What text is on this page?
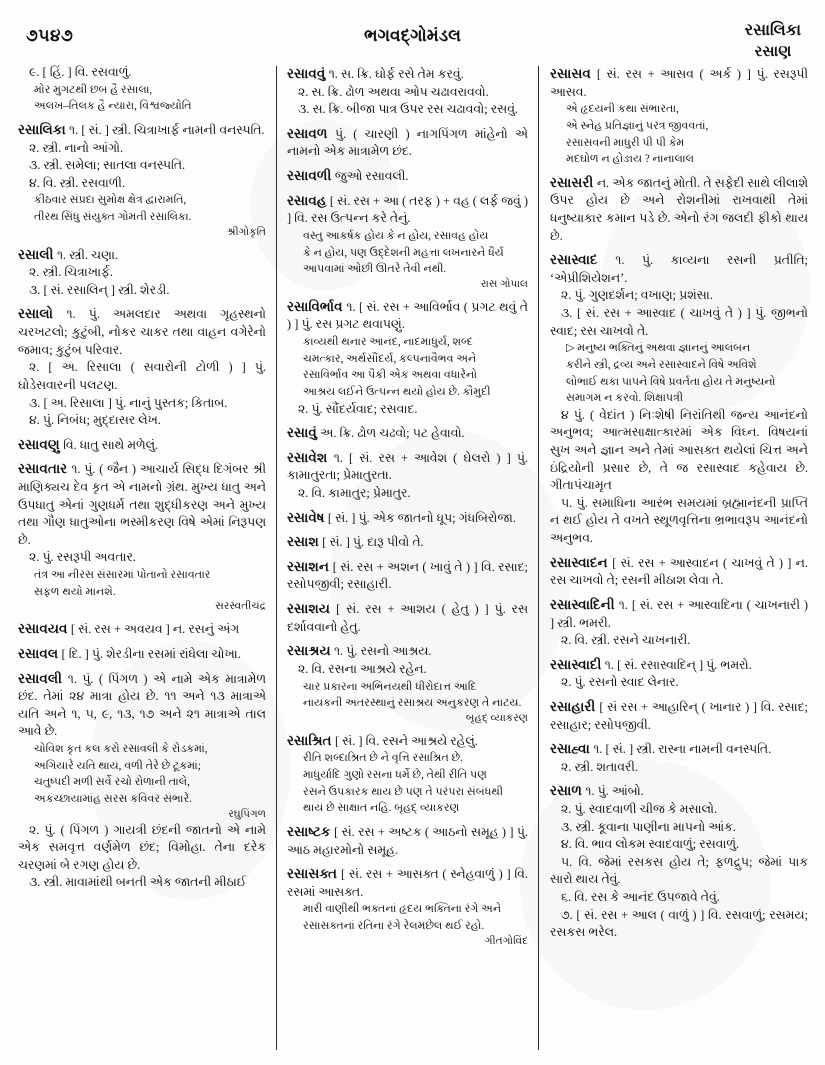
૭૫૪૭	ભગવદ્ગોમંડલ	રસાલિકા
રસાણ

૯. [ હિં. ] વિ. રસવાળું.
મોર મુગટથી છબ હૈ રસાલા,
અલખ–તિલક હૈ ન્યારા, વિશ્વજ્યોતિ

રસાલિકા ૧. [ સં. ] સ્ત્રી. ચિત્રાખાર્ફ નામની વનસ્પતિ.
૨. સ્ત્રી. નાનો આંગો.
૩. સ્ત્રી. સમેલા; સાતલા વનસ્પતિ.
૪. વિ. સ્ત્રી. રસવાળી.
કીઠવાર સંપ્રદા સુમોક્ષ ક્ષેત્ર દ્વારામતિ,
તીરથ સિંધુ સંયુક્ત ગોમતી રસાલિકા.
શ્રીગોકૃતિ

રસાલી ૧. સ્ત્રી. ચણા.
૨. સ્ત્રી. ચિત્રાખાર્ફ.
૩. [ સં. રસાલિન્ ] સ્ત્રી. શેરડી.

રસાલો ૧. પું. અમલદાર અથવા ગૃહસ્થનો ચરખટલો; કુટુંબી, નોકર ચાકર તથા વાહન વગેરેનો જમાવ; કુટુંબ પરિવાર.
૨. [ અ. રિસાલા ( સવારોની ટોળી ) ] પું. ઘોડેસવારની પલટણ.
૩. [ અ. રિસાલા ] પું. નાનું પુસ્તક; કિતાબ.
૪. પું. નિબંધ; મુદ્દાસર લેખ.

રસાવણુ વિ. ધાતુ સાથે મળેલું.

રસાવતાર ૧. પું. ( જૈન ) આચાર્ય સિદ્ધ દિગંબર શ્રી માણિક્યચ દેવ કૃત એ નામનો ગ્રંથ. મુખ્ય ધાતુ અને ઉપધાતુ એનાં ગુણધર્મ તથા શુદ્ધીકરણ અને મુખ્ય તથા ગૌણ ધાતુઓના ભસ્મીકરણ વિષે એમાં નિરૂપણ છે.
૨. પું. રસરૂપી અવતાર.
તંત્ર આ નીરસ સંસારમાં પોતાનો રસાવતાર
સફળ થયો માનશે.
સરસ્વતીચંદ્ર

રસાવયવ [ સં. રસ + અવયવ ] ન. રસનું અંગ

રસાવલ [ દિ. ] પું. શેરડીના રસમાં રાંધેલા ચોખા.

રસાવલી ૧. પું. ( પિંગળ ) એ નામે એક માત્રામેળ છંદ. તેમાં ૨૪ માત્રા હોય છે. ૧૧ અને ૧૩ માત્રાએ યતિ અને ૧, ૫, ૯, ૧૩, ૧૭ અને ૨૧ માત્રાએ તાલ આવે છે.
ચોવિશ કૃત કલ કરો રસાવલી કે રોડકમાં,
અગિયારે યતિ થાય, વળી તેરે છે ટૂકમાં;
ચતુષ્પદી મળી સર્વે રચો રોળાની તાલે,
અકંચ્છાયામાંહ સરસ કવિવર સંભારે.
રઘુપિંગળ
૨. પું. ( પિંગળ ) ગાયત્રી છંદની જાતનો એ નામે એક સમવૃત્ત વર્ણમેળ છંદ; વિમોહા. તેના દરેક ચરણમાં બે રગણ હોય છે.
૩. સ્ત્રી. માવામાંથી બનતી એક જાતની મીઠાઈ

રસાવવું ૧. સ. ક્રિ. ઘોર્ફ રસે તેમ કરવું.
૨. સ. ક્રિ. ઢોળ અથવા ઓપ ચઢાવરાવવો.
૩. સ. ક્રિ. બીજા પાત્ર ઉપર રસ ચઢાવવો; રસવું.

રસાવળ પું. ( ચારણી ) નાગપિંગળ માંહેનો એ નામનો એક માત્રામેળ છંદ.

રસાવળી જુઓ રસાવલી.

રસાવહ [ સં. રસ + આ ( તરફ ) + વહ ( લર્ફ જવું ) ] વિ. રસ ઉત્પન્ન કરે તેનું.
વસ્તુ આકર્ષક હોય કે ન હોય, રસાવહ હોય
કે ન હોય, પણ ઉદ્દેશની મહત્તા લખનારને ધૈર્ય
આપવામાં ઓછી ઊતરે તેવી નથી.
રાસ ગોપાલ

રસાવિર્ભાવ ૧. [ સં. રસ + આવિર્ભાવ ( પ્રગટ થવું તે ) ] પું. રસ પ્રગટ થવાપણું.
કાવ્યથી થનાર આનંદ, નાદમાધુર્ય, શબ્દ
ચમત્કાર, અર્થસૌંદર્ય, કલ્પનાવૈભવ અને
રસાવિર્ભાવ આ પૈકી એક અથવા વધારેનો
આશ્રય લઈને ઉત્પન્ન થયો હોય છે. કૌમુદી
૨. પું. સૌંદર્યવાદ; રસવાદ.

રસાવું અ. ક્રિ. ઢોળ ચઢવો; ૫ટ હેવાવો.

રસાવેશ ૧. [ સં. રસ + આવેશ ( ઘેલરો ) ] પું. કામાતુરતા; પ્રેમાતુરતા.
૨. વિ. કામાતુર; પ્રેમાતુર.

રસાવેષ [ સં. ] પું. એક જાતનો ધૂપ; ગંધબિરોજા.

રસાશ [ સં. ] પું. દારૂ પીવો તે.

રસાશન [ સં. રસ + અશન ( ખાવું તે ) ] વિ. રસાદ; રસોપજીવી; રસાહારી.

રસાશય [ સં. રસ + આશય ( હેતુ ) ] પું. રસ દર્શાવવાનો હેતુ.

રસાશ્રય ૧. પું. રસનો આશ્રય.
૨. વિ. રસના આશ્રયે રહેન.
ચાર પ્રકારના અભિનયથી ધીરોદાત્ત આદિ
નાયકની અંતરસ્થાનું રસાશ્રય અનુકરણ તે નાટય.
બૃહદ્ વ્યાકરણ

રસાશ્રિત [ સં. ] વિ. રસને આશ્રયે રહેલું.
રીતિ શબ્દાશ્રિત છે ને વૃત્તિ રસાશ્રિત છે.
માધુર્યાદિ ગુણો રસના ધર્મે છે, તેથી રીતિ પણ
રસને ઉપકારક થાય છે પણ તે પરંપરા સંબંધથી
થાય છે સાક્ષાત નહિ. બૃહદ્ વ્યાકરણ

રસાષ્ટક [ સં. રસ + અષ્ટક ( આઠનો સમૂહ ) ] પું. આઠ મહારમોનો સમૂહ.

રસાસક્ત [ સં. રસ + આસક્ત ( સ્નેહવાળું ) ] વિ. રસમાં આસક્ત.
મારી વાણીથી ભક્તનાં હૃદય ભક્તિના રંગે અને
રસાસક્તનાં રતિના રંગે રેલમછેલ થઈ રહો.
ગીતગોવિંદ

રસાસવ [ સં. રસ + આસવ ( અર્ક ) ] પું. રસરૂપી આસવ.
એ હૃદયની કથા સંભારતા,
એ સ્નેહ પ્રતિજ્ઞાનું પરત્ર જીવવતાં,
રસાસવની માધુરી પી પી કેમ
મદઘોળ ન હોઙાય ? નાનાલાલ

રસાસરી ન. એક જાતનું મોતી. તે સફેદી સાથે લીલાશે ઉપર હોય છે અને રોશનીમાં રાખવાથી તેમાં ધનુષ્યાકાર કમાન પડે છે. એનો રંગ જલદી ફીકો થાય છે.

રસાસ્વાદ ૧. પું. કાવ્યના રસની પ્રતીતિ; ‘એપ્રીશિયેશન’.
૨. પું. ગુણદર્શન; વખાણ; પ્રશંસા.
૩. [ સં. રસ + આસ્વાદ ( ચાખવું તે ) ] પું. જીભનો સ્વાદ; રસ ચાખવો તે.
▷ મનુષ્ય ભક્તિનું અથવા જ્ઞાનનું આલંબન
કરીને સ્ત્રી, દ્રવ્ય અને રસાસ્વાદને વિષે અવિશે
લોભાઈ થકા પાપને વિષે પ્રવર્તતા હોય તે મનુષ્યનો
સમાગમ ન કરવો. શિક્ષાપત્રી
૪ પું. ( વેદાંત ) નિઃશેષી નિરાંતિથી જન્ય આનંદનો અનુભવ; આત્મસાક્ષાત્કારમાં એક વિઘ્ન. વિષયનાં સુખ અને જ્ઞાન અને તેમાં આસક્ત થયેલાં ચિત્ત અને ઇંદ્રિયોની પ્રસાર છે, તે જ રસાસ્વાદ કહેવાય છે. ગીતાપંચામૃત
૫. પું. સમાધિના આરંભ સમયમાં બ્રહ્માનંદની પ્રાપ્તિ ન થઈ હોય તે વખતે સ્થૂળવૃત્તિના ભ્રભાવરૂપ આનંદનો અનુભવ.

રસાસ્વાદન [ સં. રસ + આસ્વાદન ( ચાખવું તે ) ] ન. રસ ચાખવો તે; રસની મીઠાશ લેવા તે.

રસાસ્વાદિની ૧. [ સં. રસ + આસ્વાદિના ( ચાખનારી ) ] સ્ત્રી. ભમરી.
૨. વિ. સ્ત્રી. રસને ચાખનારી.

રસાસ્વાદી ૧. [ સં. રસાસ્વાદિન્ ] પું. ભમરો.
૨. પું. રસનો સ્વાદ લેનાર.

રસાહારી [ સં રસ + આહારિન્ ( ખાનાર ) ] વિ. રસાદ; રસાહાર; રસોપજીવી.

રસાહ્વા ૧. [ સં. ] સ્ત્રી. રાસ્ના નામની વનસ્પતિ.
૨. સ્ત્રી. શતાવરી.

રસાળ ૧. પું. આંબો.
૨. પું. સ્વાદવાળી ચીજ કે મસાલો.
૩. સ્ત્રી. કૂવાના પાણીના માપનો આંક.
૪. વિ. ભાવ લોકમ સ્વાદવાળું; રસવાળું.
૫. વિ. જેમાં રસકસ હોય તે; ફળદ્રુપ; જેમાં પાક સારો થાય તેવું.
૬. વિ. રસ કે આનંદ ઉપજાવે તેવું.
૭. [ સં. રસ + આલ ( વાળું ) ] વિ. રસવાળું; રસમય; રસકસ ભરેલ.
